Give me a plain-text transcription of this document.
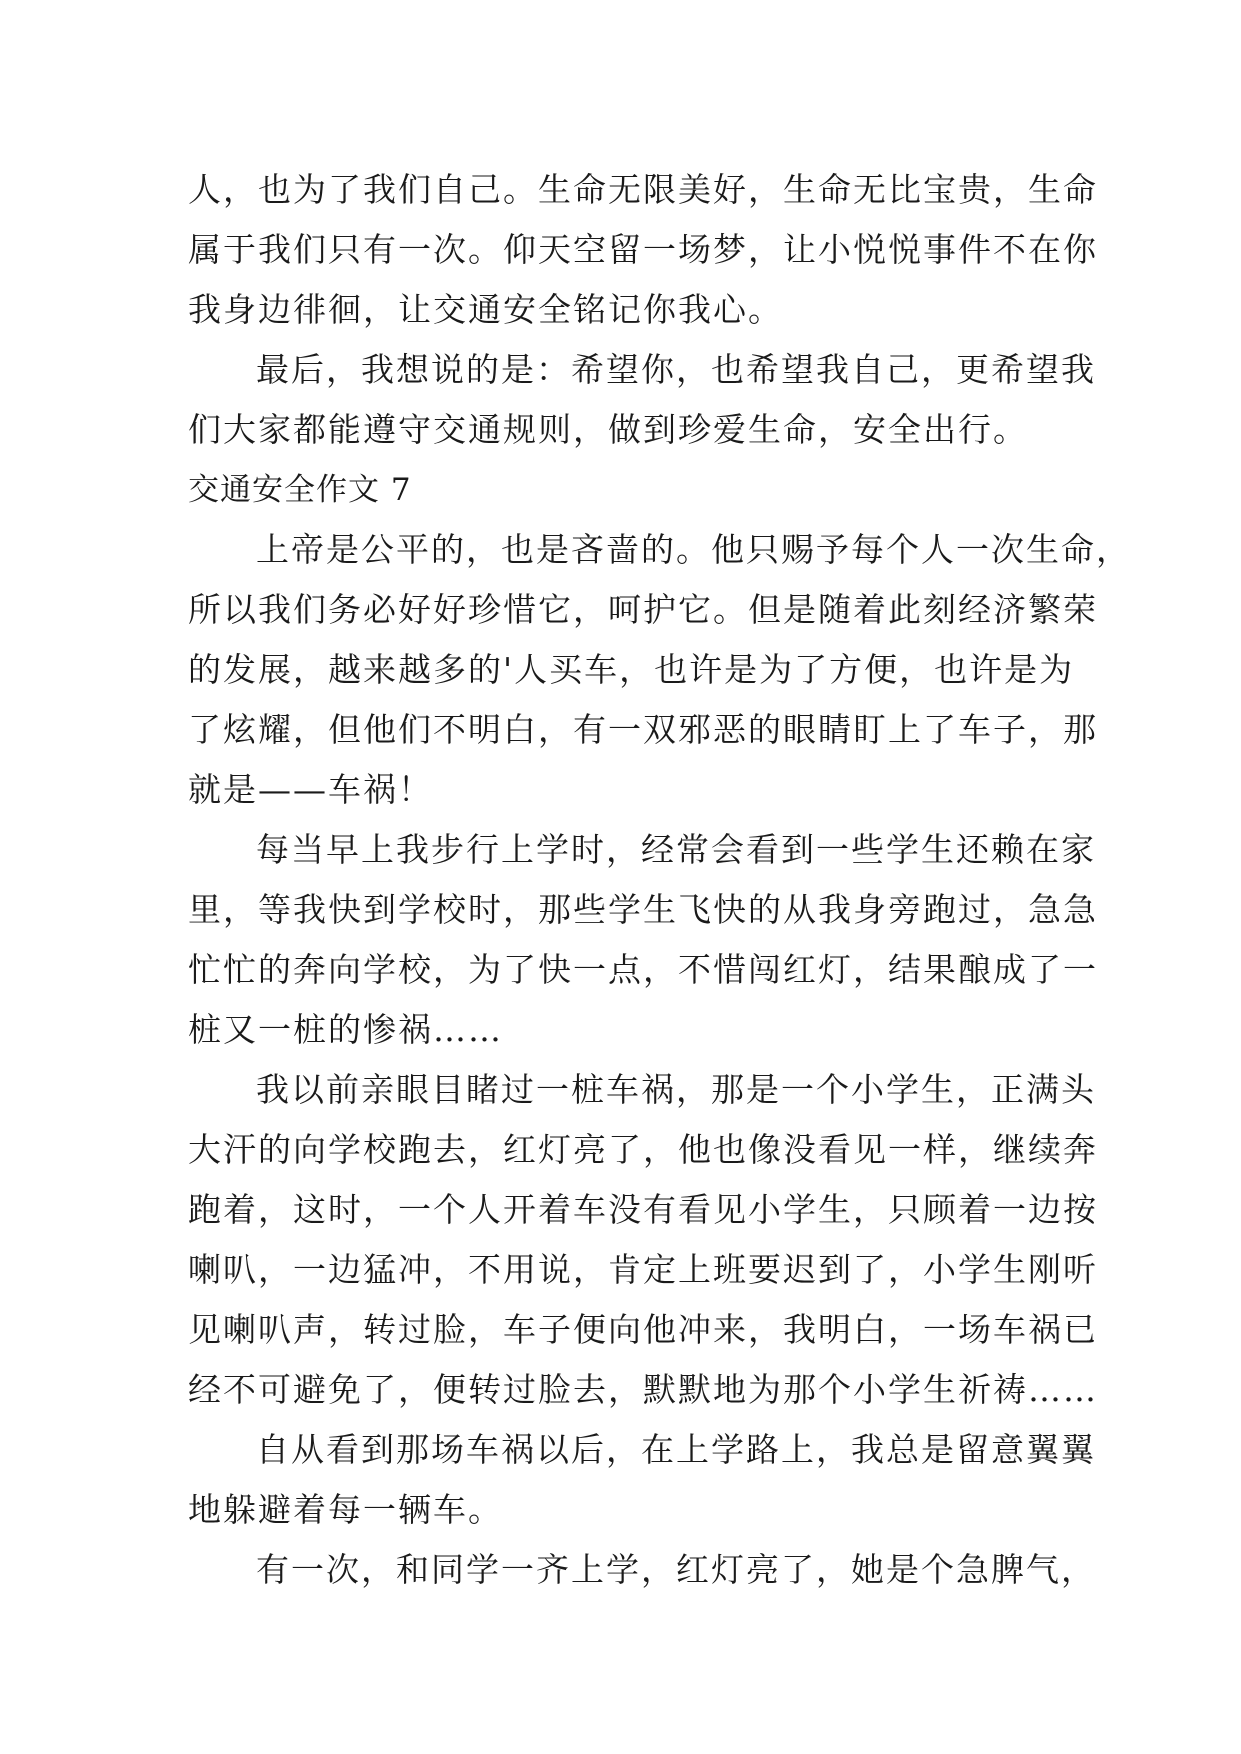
人，也为了我们自己。生命无限美好，生命无比宝贵，生命
属于我们只有一次。仰天空留一场梦，让小悦悦事件不在你
我身边徘徊，让交通安全铭记你我心。
最后，我想说的是：希望你，也希望我自己，更希望我
们大家都能遵守交通规则，做到珍爱生命，安全出行。
交通安全作文 7
上帝是公平的，也是吝啬的。他只赐予每个人一次生命，
所以我们务必好好珍惜它，呵护它。但是随着此刻经济繁荣
的发展，越来越多的'人买车，也许是为了方便，也许是为
了炫耀，但他们不明白，有一双邪恶的眼睛盯上了车子，那
就是——车祸！
每当早上我步行上学时，经常会看到一些学生还赖在家
里，等我快到学校时，那些学生飞快的从我身旁跑过，急急
忙忙的奔向学校，为了快一点，不惜闯红灯，结果酿成了一
桩又一桩的惨祸……
我以前亲眼目睹过一桩车祸，那是一个小学生，正满头
大汗的向学校跑去，红灯亮了，他也像没看见一样，继续奔
跑着，这时，一个人开着车没有看见小学生，只顾着一边按
喇叭，一边猛冲，不用说，肯定上班要迟到了，小学生刚听
见喇叭声，转过脸，车子便向他冲来，我明白，一场车祸已
经不可避免了，便转过脸去，默默地为那个小学生祈祷……
自从看到那场车祸以后，在上学路上，我总是留意翼翼
地躲避着每一辆车。
有一次，和同学一齐上学，红灯亮了，她是个急脾气，
